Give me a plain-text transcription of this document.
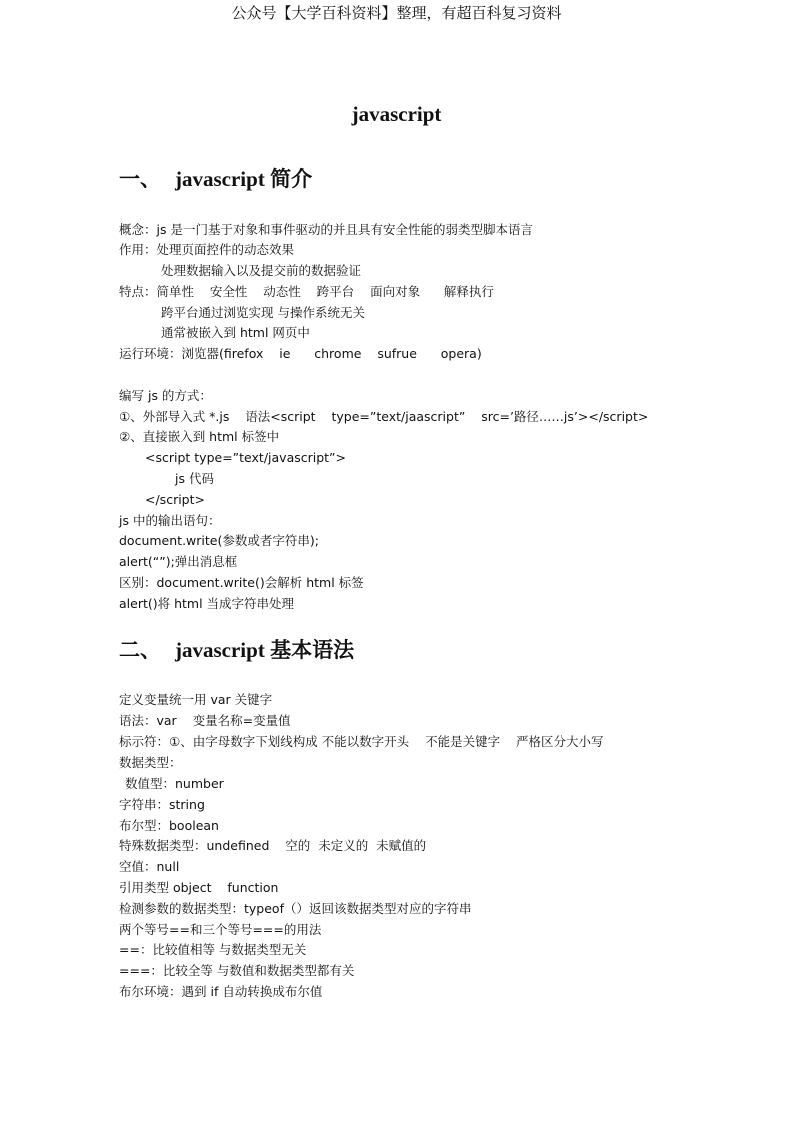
公众号【大学百科资料】整理，有超百科复习资料
javascript
一、 javascript 简介
概念：js 是一门基于对象和事件驱动的并且具有安全性能的弱类型脚本语言
作用：处理页面控件的动态效果
处理数据输入以及提交前的数据验证
特点：简单性    安全性    动态性    跨平台    面向对象      解释执行
跨平台通过浏览实现 与操作系统无关
通常被嵌入到 html 网页中
运行环境：浏览器(firefox    ie      chrome    sufrue      opera)
编写 js 的方式：
①、外部导入式 *.js    语法<script    type=”text/jaascript”    src=’路径……js’></script>
②、直接嵌入到 html 标签中
<script type=”text/javascript”>
js 代码
</script>
js 中的输出语句：
document.write(参数或者字符串);
alert(“”);弹出消息框
区别：document.write()会解析 html 标签
alert()将 html 当成字符串处理
二、 javascript 基本语法
定义变量统一用 var 关键字
语法：var    变量名称=变量值
标示符：①、由字母数字下划线构成 不能以数字开头    不能是关键字    严格区分大小写
数据类型：
数值型：number
字符串：string
布尔型：boolean
特殊数据类型：undefined    空的  未定义的  未赋值的
空值：null
引用类型 object    function
检测参数的数据类型：typeof（）返回该数据类型对应的字符串
两个等号==和三个等号===的用法
==：比较值相等 与数据类型无关
===：比较全等 与数值和数据类型都有关
布尔环境：遇到 if 自动转换成布尔值
